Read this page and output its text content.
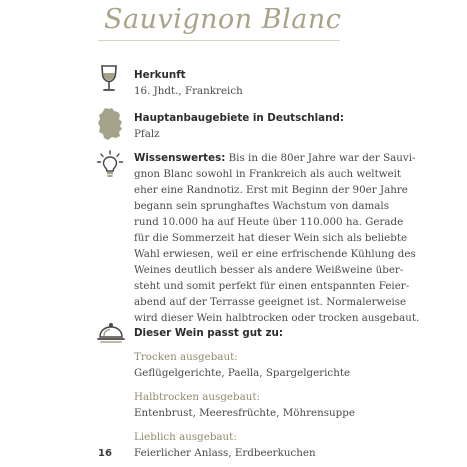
Sauvignon Blanc

Herkunft

16. Jhdt., Frankreich

Hauptanbaugebiete in Deutschland:

Pfalz

Wissenswertes: Bis in die 80er Jahre war der Sauvi-
gnon Blanc sowohl in Frankreich als auch weltweit
eher eine Randnotiz. Erst mit Beginn der 90er Jahre
begann sein sprunghaftes Wachstum von damals
rund 10.000 ha auf Heute über 110.000 ha. Gerade
für die Sommerzeit hat dieser Wein sich als beliebte
Wahl erwiesen, weil er eine erfrischende Kühlung des
Weines deutlich besser als andere Weißweine über-
steht und somit perfekt für einen entspannten Feier-
abend auf der Terrasse geeignet ist. Normalerweise
wird dieser Wein halbtrocken oder trocken ausgebaut.

Dieser Wein passt gut zu:

Trocken ausgebaut:

Geflügelgerichte, Paella, Spargelgerichte

Halbtrocken ausgebaut:

Entenbrust, Meeresfrüchte, Möhrensuppe

Lieblich ausgebaut:

Feierlicher Anlass, Erdbeerkuchen

16
